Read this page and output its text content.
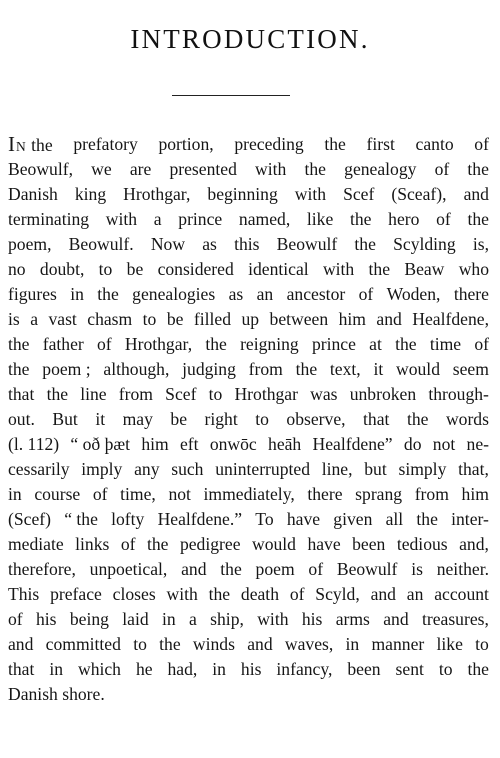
INTRODUCTION.
IN the prefatory portion, preceding the first canto of
Beowulf, we are presented with the genealogy of the
Danish king Hrothgar, beginning with Scef (Sceaf), and
terminating with a prince named, like the hero of the
poem, Beowulf. Now as this Beowulf the Scylding is,
no doubt, to be considered identical with the Beaw who
figures in the genealogies as an ancestor of Woden, there
is a vast chasm to be filled up between him and Healfdene,
the father of Hrothgar, the reigning prince at the time of
the poem ; although, judging from the text, it would seem
that the line from Scef to Hrothgar was unbroken through-
out. But it may be right to observe, that the words
(l. 112) “ oð þæt him eft onwōc heāh Healfdene” do not ne-
cessarily imply any such uninterrupted line, but simply that,
in course of time, not immediately, there sprang from him
(Scef) “ the lofty Healfdene.” To have given all the inter-
mediate links of the pedigree would have been tedious and,
therefore, unpoetical, and the poem of Beowulf is neither.
This preface closes with the death of Scyld, and an account
of his being laid in a ship, with his arms and treasures,
and committed to the winds and waves, in manner like to
that in which he had, in his infancy, been sent to the
Danish shore.
